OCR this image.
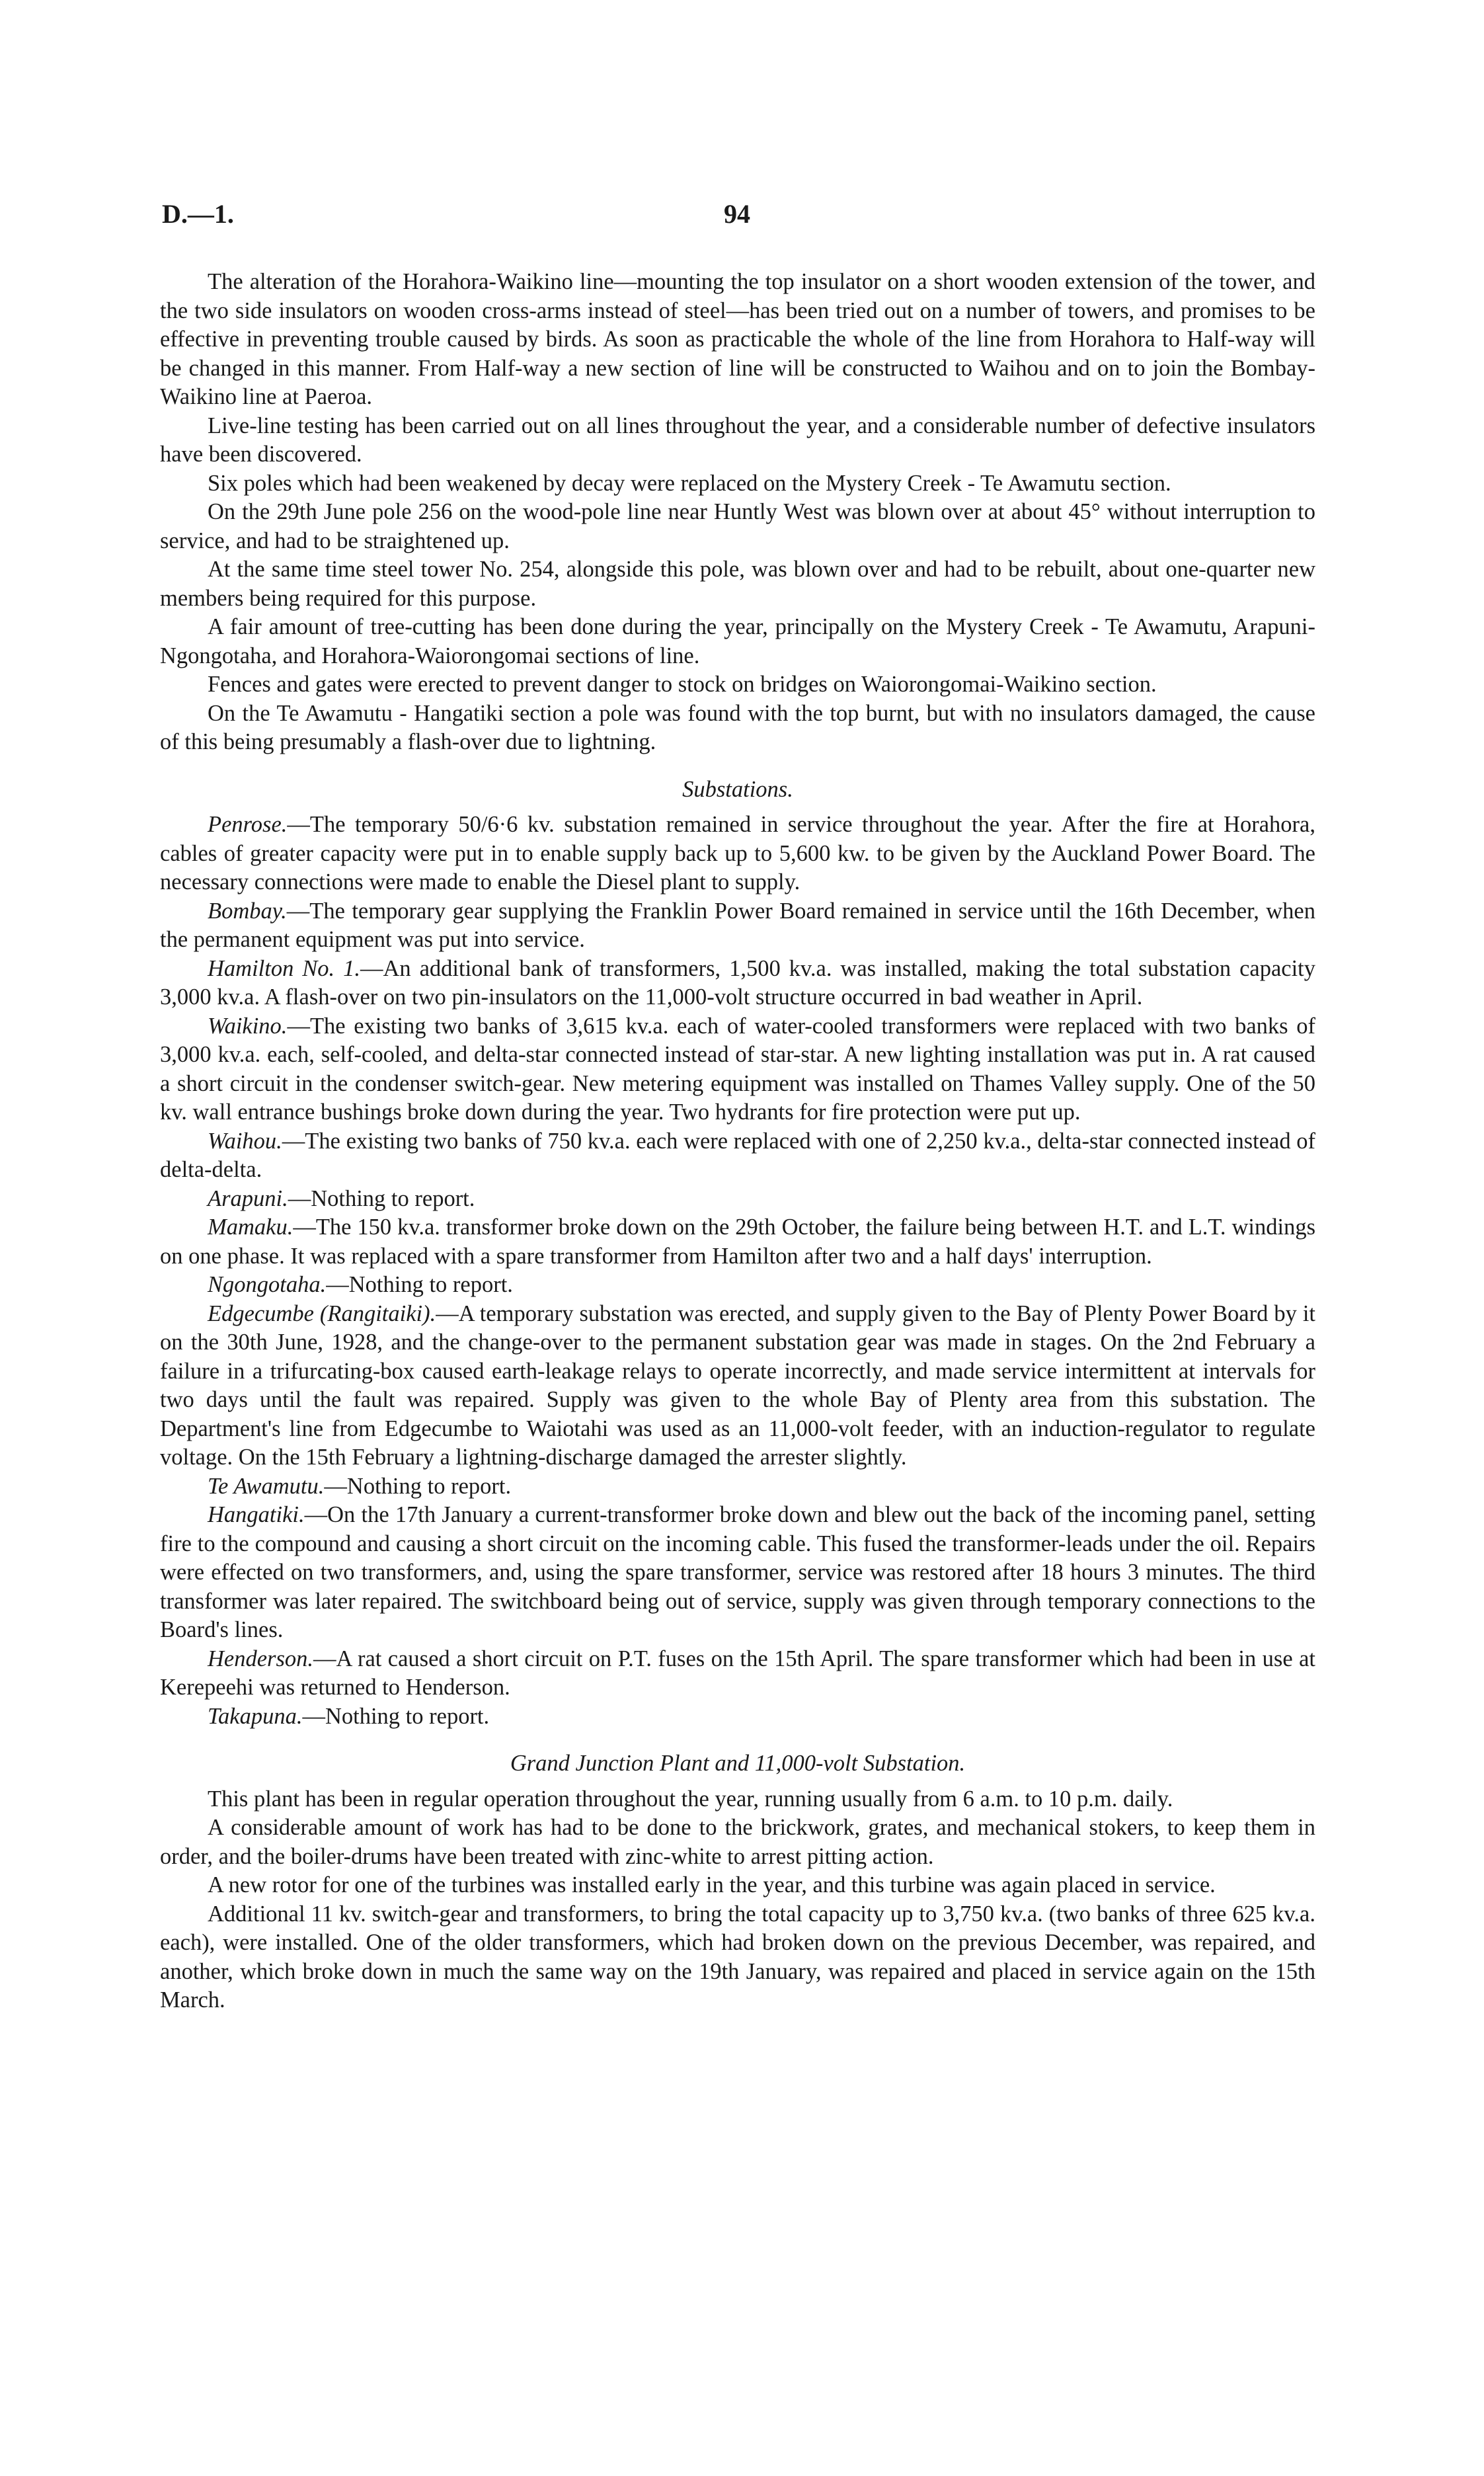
D.—1.	94

The alteration of the Horahora-Waikino line—mounting the top insulator on a short wooden extension of the tower, and the two side insulators on wooden cross-arms instead of steel—has been tried out on a number of towers, and promises to be effective in preventing trouble caused by birds. As soon as practicable the whole of the line from Horahora to Half-way will be changed in this manner. From Half-way a new section of line will be constructed to Waihou and on to join the Bombay-Waikino line at Paeroa.

Live-line testing has been carried out on all lines throughout the year, and a considerable number of defective insulators have been discovered.

Six poles which had been weakened by decay were replaced on the Mystery Creek - Te Awamutu section.

On the 29th June pole 256 on the wood-pole line near Huntly West was blown over at about 45° without interruption to service, and had to be straightened up.

At the same time steel tower No. 254, alongside this pole, was blown over and had to be rebuilt, about one-quarter new members being required for this purpose.

A fair amount of tree-cutting has been done during the year, principally on the Mystery Creek - Te Awamutu, Arapuni-Ngongotaha, and Horahora-Waiorongomai sections of line.

Fences and gates were erected to prevent danger to stock on bridges on Waiorongomai-Waikino section.

On the Te Awamutu - Hangatiki section a pole was found with the top burnt, but with no insulators damaged, the cause of this being presumably a flash-over due to lightning.

Substations.

Penrose.—The temporary 50/6·6 kv. substation remained in service throughout the year. After the fire at Horahora, cables of greater capacity were put in to enable supply back up to 5,600 kw. to be given by the Auckland Power Board. The necessary connections were made to enable the Diesel plant to supply.

Bombay.—The temporary gear supplying the Franklin Power Board remained in service until the 16th December, when the permanent equipment was put into service.

Hamilton No. 1.—An additional bank of transformers, 1,500 kv.a. was installed, making the total substation capacity 3,000 kv.a. A flash-over on two pin-insulators on the 11,000-volt structure occurred in bad weather in April.

Waikino.—The existing two banks of 3,615 kv.a. each of water-cooled transformers were replaced with two banks of 3,000 kv.a. each, self-cooled, and delta-star connected instead of star-star. A new lighting installation was put in. A rat caused a short circuit in the condenser switch-gear. New metering equipment was installed on Thames Valley supply. One of the 50 kv. wall entrance bushings broke down during the year. Two hydrants for fire protection were put up.

Waihou.—The existing two banks of 750 kv.a. each were replaced with one of 2,250 kv.a., delta-star connected instead of delta-delta.

Arapuni.—Nothing to report.

Mamaku.—The 150 kv.a. transformer broke down on the 29th October, the failure being between H.T. and L.T. windings on one phase. It was replaced with a spare transformer from Hamilton after two and a half days' interruption.

Ngongotaha.—Nothing to report.

Edgecumbe (Rangitaiki).—A temporary substation was erected, and supply given to the Bay of Plenty Power Board by it on the 30th June, 1928, and the change-over to the permanent substation gear was made in stages. On the 2nd February a failure in a trifurcating-box caused earth-leakage relays to operate incorrectly, and made service intermittent at intervals for two days until the fault was repaired. Supply was given to the whole Bay of Plenty area from this substation. The Department's line from Edgecumbe to Waiotahi was used as an 11,000-volt feeder, with an induction-regulator to regulate voltage. On the 15th February a lightning-discharge damaged the arrester slightly.

Te Awamutu.—Nothing to report.

Hangatiki.—On the 17th January a current-transformer broke down and blew out the back of the incoming panel, setting fire to the compound and causing a short circuit on the incoming cable. This fused the transformer-leads under the oil. Repairs were effected on two transformers, and, using the spare transformer, service was restored after 18 hours 3 minutes. The third transformer was later repaired. The switchboard being out of service, supply was given through temporary connections to the Board's lines.

Henderson.—A rat caused a short circuit on P.T. fuses on the 15th April. The spare transformer which had been in use at Kerepeehi was returned to Henderson.

Takapuna.—Nothing to report.

Grand Junction Plant and 11,000-volt Substation.

This plant has been in regular operation throughout the year, running usually from 6 a.m. to 10 p.m. daily.

A considerable amount of work has had to be done to the brickwork, grates, and mechanical stokers, to keep them in order, and the boiler-drums have been treated with zinc-white to arrest pitting action.

A new rotor for one of the turbines was installed early in the year, and this turbine was again placed in service.

Additional 11 kv. switch-gear and transformers, to bring the total capacity up to 3,750 kv.a. (two banks of three 625 kv.a. each), were installed. One of the older transformers, which had broken down on the previous December, was repaired, and another, which broke down in much the same way on the 19th January, was repaired and placed in service again on the 15th March.
